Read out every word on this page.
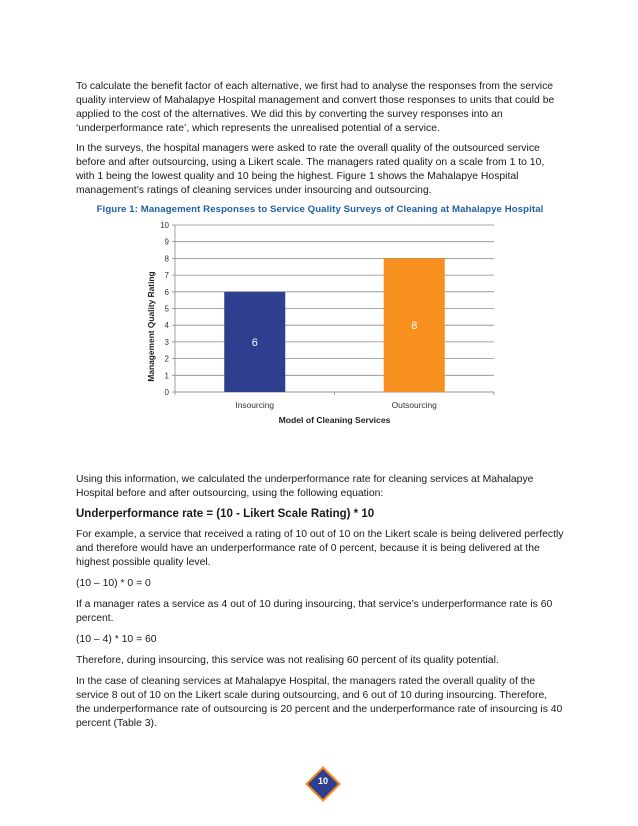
To calculate the benefit factor of each alternative, we first had to analyse the responses from the service quality interview of Mahalapye Hospital management and convert those responses to units that could be applied to the cost of the alternatives. We did this by converting the survey responses into an ‘underperformance rate’, which represents the unrealised potential of a service.

In the surveys, the hospital managers were asked to rate the overall quality of the outsourced service before and after outsourcing, using a Likert scale. The managers rated quality on a scale from 1 to 10, with 1 being the lowest quality and 10 being the highest. Figure 1 shows the Mahalapye Hospital management’s ratings of cleaning services under insourcing and outsourcing.

Figure 1: Management Responses to Service Quality Surveys of Cleaning at Mahalapye Hospital
0
1
2
3
4
5
6
7
8
9
10
6
Insourcing
8
Outsourcing
Model of Cleaning Services
Management Quality Rating

Using this information, we calculated the underperformance rate for cleaning services at Mahalapye Hospital before and after outsourcing, using the following equation:

Underperformance rate = (10 - Likert Scale Rating) * 10

For example, a service that received a rating of 10 out of 10 on the Likert scale is being delivered perfectly and therefore would have an underperformance rate of 0 percent, because it is being delivered at the highest possible quality level.

(10 – 10) * 0 = 0

If a manager rates a service as 4 out of 10 during insourcing, that service’s underperformance rate is 60 percent.

(10 – 4) * 10 = 60

Therefore, during insourcing, this service was not realising 60 percent of its quality potential.

In the case of cleaning services at Mahalapye Hospital, the managers rated the overall quality of the service 8 out of 10 on the Likert scale during outsourcing, and 6 out of 10 during insourcing. Therefore, the underperformance rate of outsourcing is 20 percent and the underperformance rate of insourcing is 40 percent (Table 3).

10
